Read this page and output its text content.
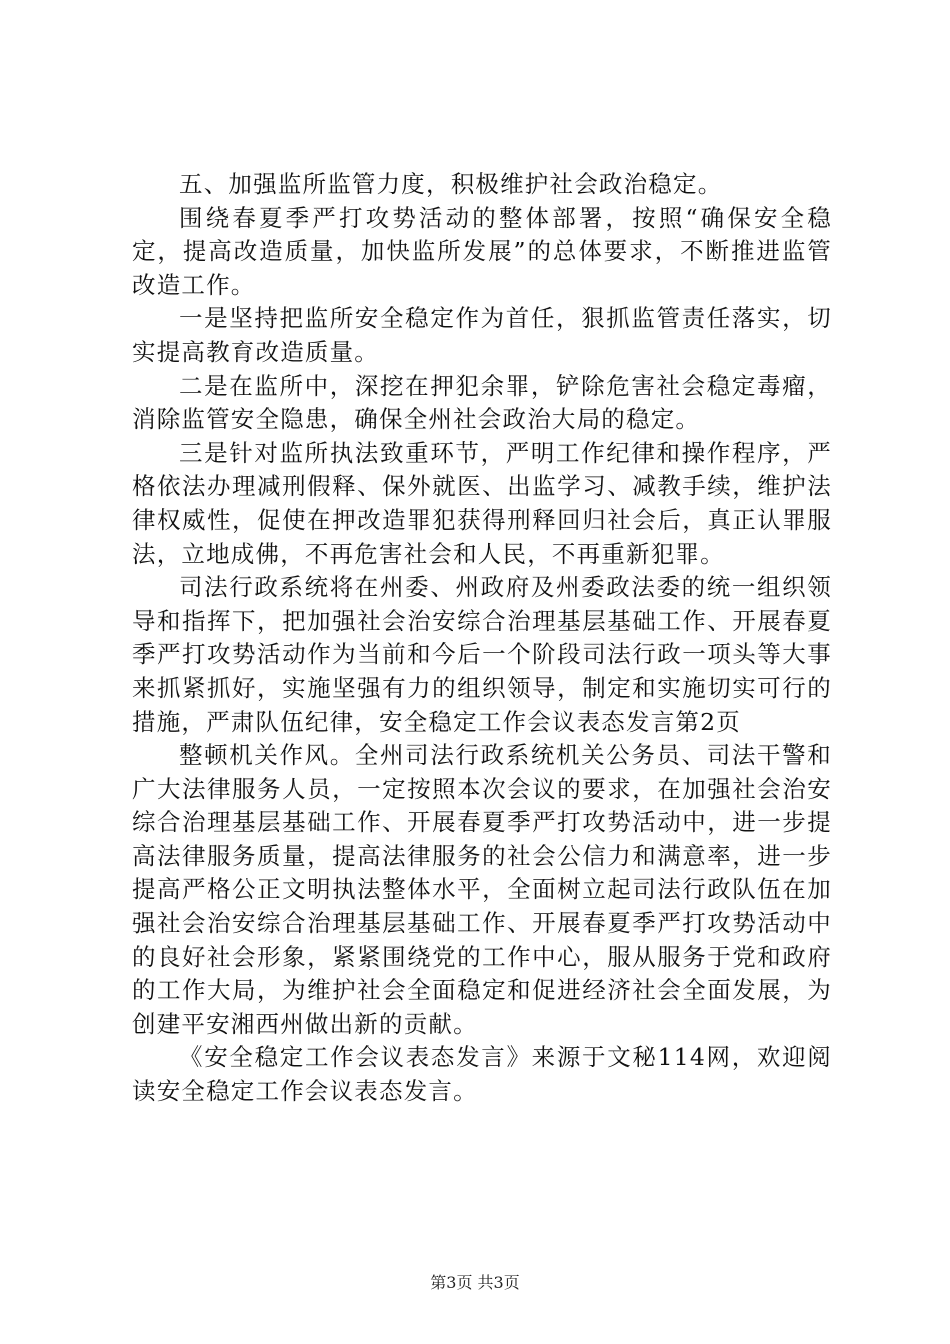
五、加强监所监管力度，积极维护社会政治稳定。

围绕春夏季严打攻势活动的整体部署，按照“确保安全稳定，提高改造质量，加快监所发展”的总体要求，不断推进监管改造工作。

一是坚持把监所安全稳定作为首任，狠抓监管责任落实，切实提高教育改造质量。

二是在监所中，深挖在押犯余罪，铲除危害社会稳定毒瘤，消除监管安全隐患，确保全州社会政治大局的稳定。

三是针对监所执法致重环节，严明工作纪律和操作程序，严格依法办理减刑假释、保外就医、出监学习、减教手续，维护法律权威性，促使在押改造罪犯获得刑释回归社会后，真正认罪服法，立地成佛，不再危害社会和人民，不再重新犯罪。

司法行政系统将在州委、州政府及州委政法委的统一组织领导和指挥下，把加强社会治安综合治理基层基础工作、开展春夏季严打攻势活动作为当前和今后一个阶段司法行政一项头等大事来抓紧抓好，实施坚强有力的组织领导，制定和实施切实可行的措施，严肃队伍纪律，安全稳定工作会议表态发言第2页

整顿机关作风。全州司法行政系统机关公务员、司法干警和广大法律服务人员，一定按照本次会议的要求，在加强社会治安综合治理基层基础工作、开展春夏季严打攻势活动中，进一步提高法律服务质量，提高法律服务的社会公信力和满意率，进一步提高严格公正文明执法整体水平，全面树立起司法行政队伍在加强社会治安综合治理基层基础工作、开展春夏季严打攻势活动中的良好社会形象，紧紧围绕党的工作中心，服从服务于党和政府的工作大局，为维护社会全面稳定和促进经济社会全面发展，为创建平安湘西州做出新的贡献。

《安全稳定工作会议表态发言》来源于文秘114网，欢迎阅读安全稳定工作会议表态发言。

第3页 共3页
